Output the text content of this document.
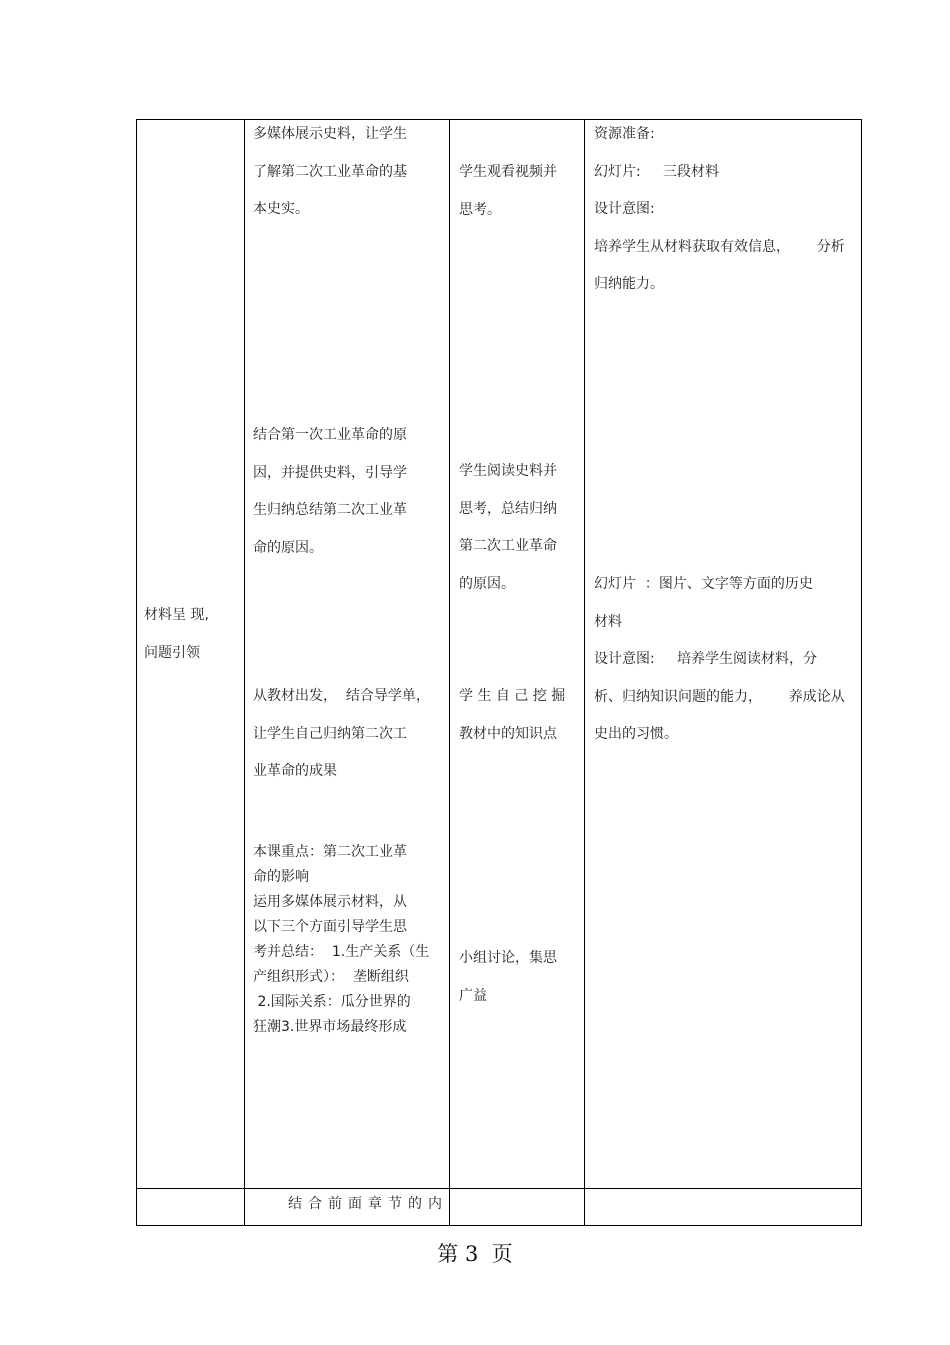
材料呈 现,
问题引领
多媒体展示史料，让学生
了解第二次工业革命的基
本史实。
结合第一次工业革命的原
因，并提供史料，引导学
生归纳总结第二次工业革
命的原因。
从教材出发，  结合导学单，
让学生自己归纳第二次工
业革命的成果
本课重点：第二次工业革
命的影响
运用多媒体展示材料，从
以下三个方面引导学生思
考并总结：  1.生产关系（生
产组织形式）：  垄断组织
2.国际关系：瓜分世界的
狂潮3.世界市场最终形成
学生观看视频并
思考。
学生阅读史料并
思考，总结归纳
第二次工业革命
的原因。
学 生 自 己 挖 掘
教材中的知识点
小组讨论，集思
广益
资源准备:
幻灯片:     三段材料
设计意图:
培养学生从材料获取有效信息，      分析
归纳能力。
幻灯片  ：图片、文字等方面的历史
材料
设计意图:     培养学生阅读材料，分
析、归纳知识问题的能力，      养成论从
史出的习惯。
结合前面章节的内
第 3  页
